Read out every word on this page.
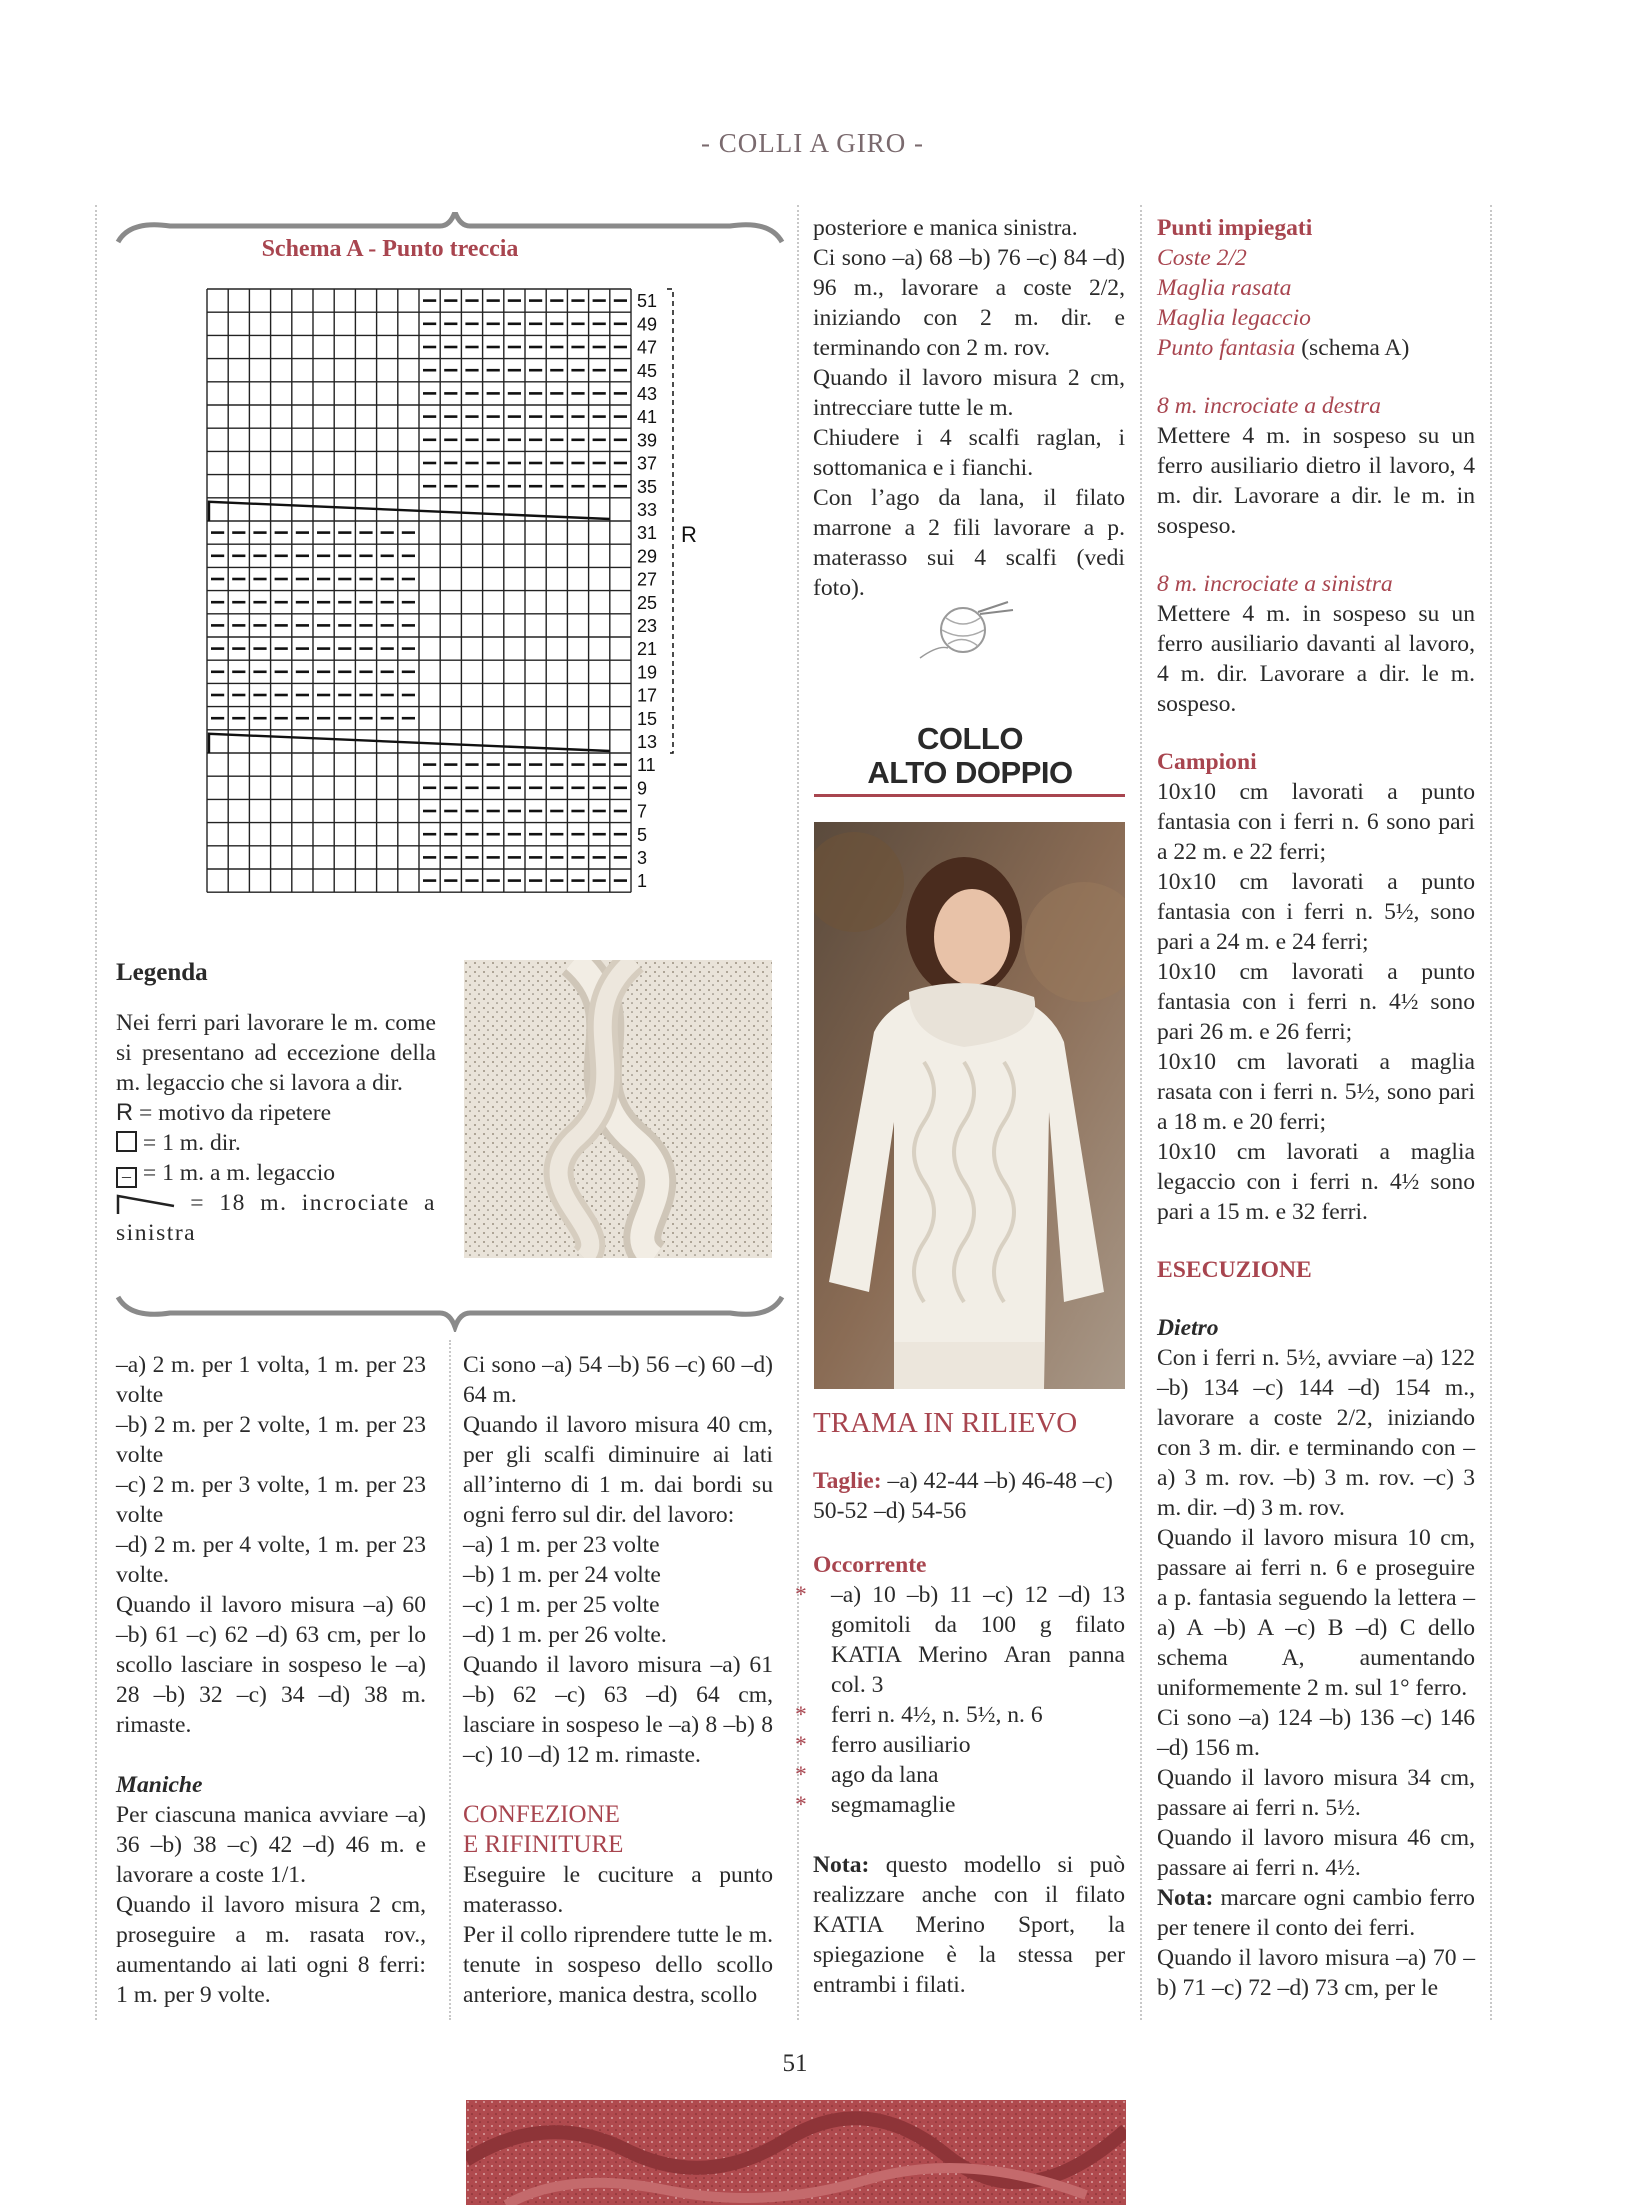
- COLLI A GIRO -
Schema A - Punto treccia
51
49
47
45
43
41
39
37
35
33
31
29
27
25
23
21
19
17
15
13
11
9
7
5
3
1
R

Legenda

Nei ferri pari lavorare le m. come si presentano ad eccezione della m. legaccio che si lavora a dir.

R = motivo da ripetere

= 1 m. dir.

– = 1 m. a m. legaccio

= 18 m. incrociate a sinistra

–a) 2 m. per 1 volta, 1 m. per 23 volte

–b) 2 m. per 2 volte, 1 m. per 23 volte

–c) 2 m. per 3 volte, 1 m. per 23 volte

–d) 2 m. per 4 volte, 1 m. per 23 volte.

Quando il lavoro misura –a) 60 –b) 61 –c) 62 –d) 63 cm, per lo scollo lasciare in sospeso le –a) 28 –b) 32 –c) 34 –d) 38 m. rimaste.

Maniche

Per ciascuna manica avviare –a) 36 –b) 38 –c) 42 –d) 46 m. e lavorare a coste 1/1.

Quando il lavoro misura 2 cm, proseguire a m. rasata rov., aumentando ai lati ogni 8 ferri: 1 m. per 9 volte.

Ci sono –a) 54 –b) 56 –c) 60 –d) 64 m.

Quando il lavoro misura 40 cm, per gli scalfi diminuire ai lati all’interno di 1 m. dai bordi su ogni ferro sul dir. del lavoro:

–a) 1 m. per 23 volte

–b) 1 m. per 24 volte

–c) 1 m. per 25 volte

–d) 1 m. per 26 volte.

Quando il lavoro misura –a) 61 –b) 62 –c) 63 –d) 64 cm, lasciare in sospeso le –a) 8 –b) 8 –c) 10 –d) 12 m. rimaste.

CONFEZIONE

E RIFINITURE

Eseguire le cuciture a punto materasso.

Per il collo riprendere tutte le m. tenute in sospeso dello scollo anteriore, manica destra, scollo

posteriore e manica sinistra.

Ci sono –a) 68 –b) 76 –c) 84 –d) 96 m., lavorare a coste 2/2, iniziando con 2 m. dir. e terminando con 2 m. rov.

Quando il lavoro misura 2 cm, intrecciare tutte le m.

Chiudere i 4 scalfi raglan, i sottomanica e i fianchi.

Con l’ago da lana, il filato marrone a 2 fili lavorare a p. materasso sui 4 scalfi (vedi foto).

COLLO
ALTO DOPPIO

TRAMA IN RILIEVO

Taglie: –a) 42-44 –b) 46-48 –c) 50-52 –d) 54-56

Occorrente

* –a) 10 –b) 11 –c) 12 –d) 13 gomitoli da 100 g filato KATIA Merino Aran panna col. 3

* ferri n. 4½, n. 5½, n. 6

* ferro ausiliario

* ago da lana

* segmamaglie

Nota: questo modello si può realizzare anche con il filato KATIA Merino Sport, la spiegazione è la stessa per entrambi i filati.

Punti impiegati

Coste 2/2

Maglia rasata

Maglia legaccio

Punto fantasia (schema A)

8 m. incrociate a destra

Mettere 4 m. in sospeso su un ferro ausiliario dietro il lavoro, 4 m. dir. Lavorare a dir. le m. in sospeso.

8 m. incrociate a sinistra

Mettere 4 m. in sospeso su un ferro ausiliario davanti al lavoro, 4 m. dir. Lavorare a dir. le m. sospeso.

Campioni

10x10 cm lavorati a punto fantasia con i ferri n. 6 sono pari a 22 m. e 22 ferri;

10x10 cm lavorati a punto fantasia con i ferri n. 5½, sono pari a 24 m. e 24 ferri;

10x10 cm lavorati a punto fantasia con i ferri n. 4½ sono pari 26 m. e 26 ferri;

10x10 cm lavorati a maglia rasata con i ferri n. 5½, sono pari a 18 m. e 20 ferri;

10x10 cm lavorati a maglia legaccio con i ferri n. 4½ sono pari a 15 m. e 32 ferri.

ESECUZIONE

Dietro

Con i ferri n. 5½, avviare –a) 122 –b) 134 –c) 144 –d) 154 m., lavorare a coste 2/2, iniziando con 3 m. dir. e terminando con –a) 3 m. rov. –b) 3 m. rov. –c) 3 m. dir. –d) 3 m. rov.

Quando il lavoro misura 10 cm, passare ai ferri n. 6 e proseguire a p. fantasia seguendo la lettera –a) A –b) A –c) B –d) C dello schema A, aumentando uniformemente 2 m. sul 1° ferro.

Ci sono –a) 124 –b) 136 –c) 146 –d) 156 m.

Quando il lavoro misura 34 cm, passare ai ferri n. 5½.

Quando il lavoro misura 46 cm, passare ai ferri n. 4½.

Nota: marcare ogni cambio ferro per tenere il conto dei ferri.

Quando il lavoro misura –a) 70 –b) 71 –c) 72 –d) 73 cm, per le

51
